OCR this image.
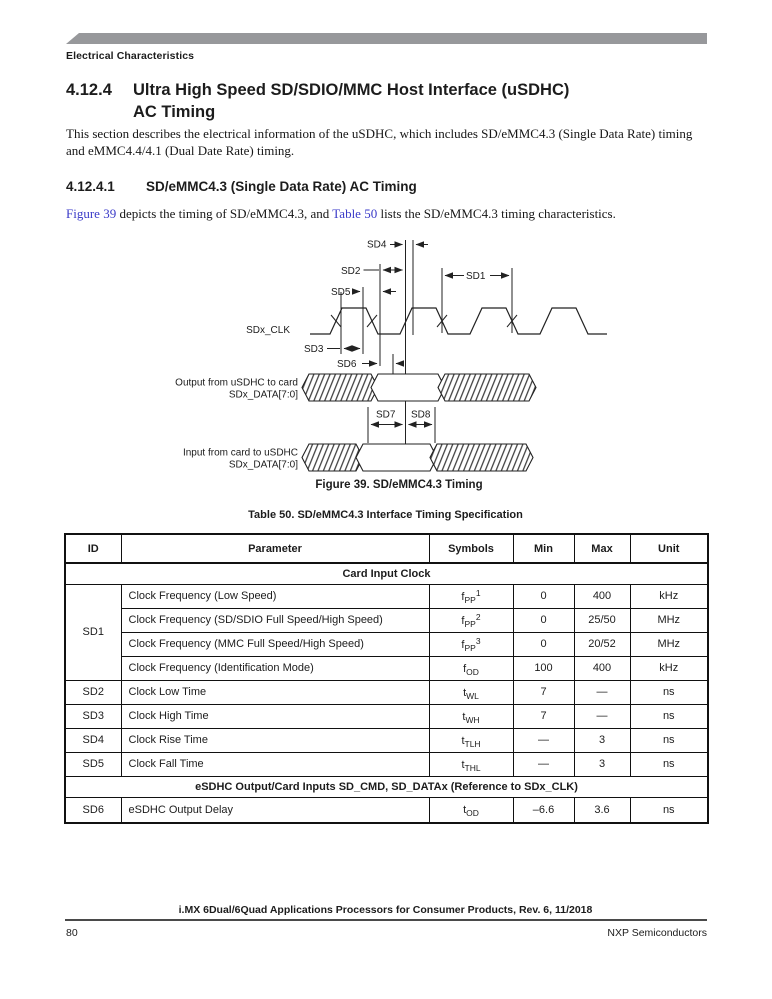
Electrical Characteristics
4.12.4	Ultra High Speed SD/SDIO/MMC Host Interface (uSDHC)
AC Timing
This section describes the electrical information of the uSDHC, which includes SD/eMMC4.3 (Single Data Rate) timing and eMMC4.4/4.1 (Dual Date Rate) timing.
4.12.4.1	SD/eMMC4.3 (Single Data Rate) AC Timing
Figure 39 depicts the timing of SD/eMMC4.3, and Table 50 lists the SD/eMMC4.3 timing characteristics.
SD4
SD2
SD5
SD1
SD3
SD6
SD7 SD8
SDx_CLK
Output from uSDHC to card
SDx_DATA[7:0]
Input from card to uSDHC
SDx_DATA[7:0]
Figure 39. SD/eMMC4.3 Timing
Table 50. SD/eMMC4.3 Interface Timing Specification
ID	Parameter	Symbols	Min	Max	Unit
Card Input Clock					
SD1	Clock Frequency (Low Speed)	$f_{PP}^1$	0	400	kHz
	Clock Frequency (SD/SDIO Full Speed/High Speed)	$f_{PP}^2$	0	25/50	MHz
	Clock Frequency (MMC Full Speed/High Speed)	$f_{PP}^3$	0	20/52	MHz
	Clock Frequency (Identification Mode)	$f_{OD}$	100	400	kHz
SD2	Clock Low Time	$t_{WL}$	7	—	ns
SD3	Clock High Time	$t_{WH}$	7	—	ns
SD4	Clock Rise Time	$t_{TLH}$	—	3	ns
SD5	Clock Fall Time	$t_{THL}$	—	3	ns
eSDHC Output/Card Inputs SD_CMD, SD_DATAx (Reference to SDx_CLK)					
SD6	eSDHC Output Delay	$t_{OD}$	–6.6	3.6	ns
i.MX 6Dual/6Quad Applications Processors for Consumer Products, Rev. 6, 11/2018
80	NXP Semiconductors
